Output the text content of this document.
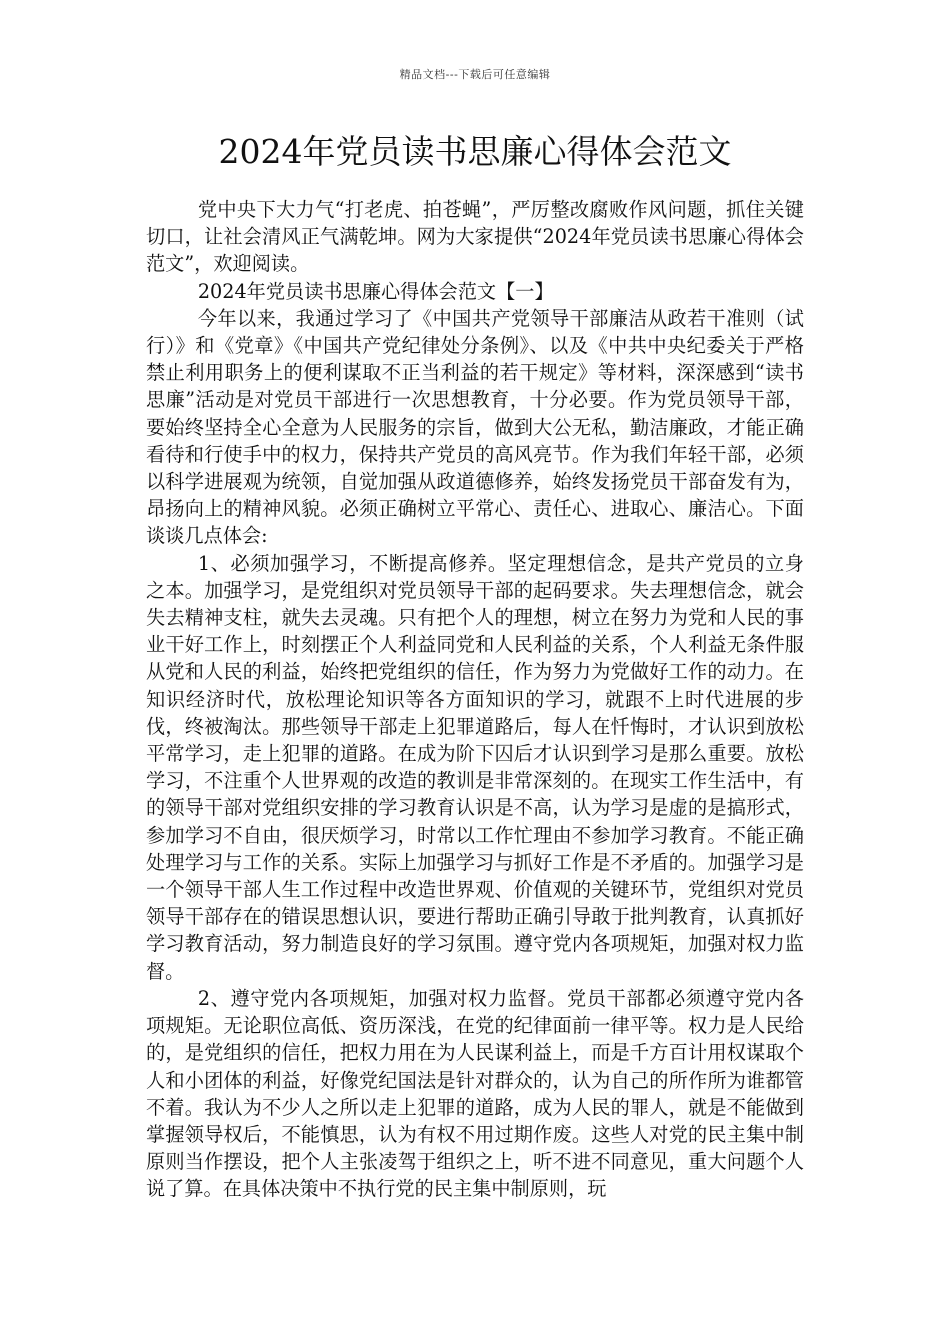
精品文档---下载后可任意编辑
2024年党员读书思廉心得体会范文

党中央下大力气“打老虎、拍苍蝇”，严厉整改腐败作风问题，抓住关键切口，让社会清风正气满乾坤。网为大家提供“2024年党员读书思廉心得体会范文”，欢迎阅读。

2024年党员读书思廉心得体会范文【一】

今年以来，我通过学习了《中国共产党领导干部廉洁从政若干准则（试行）》和《党章》《中国共产党纪律处分条例》、以及《中共中央纪委关于严格禁止利用职务上的便利谋取不正当利益的若干规定》等材料，深深感到“读书思廉”活动是对党员干部进行一次思想教育，十分必要。作为党员领导干部，要始终坚持全心全意为人民服务的宗旨，做到大公无私，勤洁廉政，才能正确看待和行使手中的权力，保持共产党员的高风亮节。作为我们年轻干部，必须以科学进展观为统领，自觉加强从政道德修养，始终发扬党员干部奋发有为，昂扬向上的精神风貌。必须正确树立平常心、责任心、进取心、廉洁心。下面谈谈几点体会:

1、必须加强学习，不断提高修养。坚定理想信念，是共产党员的立身之本。加强学习，是党组织对党员领导干部的起码要求。失去理想信念，就会失去精神支柱，就失去灵魂。只有把个人的理想，树立在努力为党和人民的事业干好工作上，时刻摆正个人利益同党和人民利益的关系，个人利益无条件服从党和人民的利益，始终把党组织的信任，作为努力为党做好工作的动力。在知识经济时代，放松理论知识等各方面知识的学习，就跟不上时代进展的步伐，终被淘汰。那些领导干部走上犯罪道路后，每人在忏悔时，才认识到放松平常学习，走上犯罪的道路。在成为阶下囚后才认识到学习是那么重要。放松学习，不注重个人世界观的改造的教训是非常深刻的。在现实工作生活中，有的领导干部对党组织安排的学习教育认识是不高，认为学习是虚的是搞形式，参加学习不自由，很厌烦学习，时常以工作忙理由不参加学习教育。不能正确处理学习与工作的关系。实际上加强学习与抓好工作是不矛盾的。加强学习是一个领导干部人生工作过程中改造世界观、价值观的关键环节，党组织对党员领导干部存在的错误思想认识，要进行帮助正确引导敢于批判教育，认真抓好学习教育活动，努力制造良好的学习氛围。遵守党内各项规矩，加强对权力监督。

2、遵守党内各项规矩，加强对权力监督。党员干部都必须遵守党内各项规矩。无论职位高低、资历深浅，在党的纪律面前一律平等。权力是人民给的，是党组织的信任，把权力用在为人民谋利益上，而是千方百计用权谋取个人和小团体的利益，好像党纪国法是针对群众的，认为自己的所作所为谁都管不着。我认为不少人之所以走上犯罪的道路，成为人民的罪人，就是不能做到掌握领导权后，不能慎思，认为有权不用过期作废。这些人对党的民主集中制原则当作摆设，把个人主张凌驾于组织之上，听不进不同意见，重大问题个人说了算。在具体决策中不执行党的民主集中制原则，玩
